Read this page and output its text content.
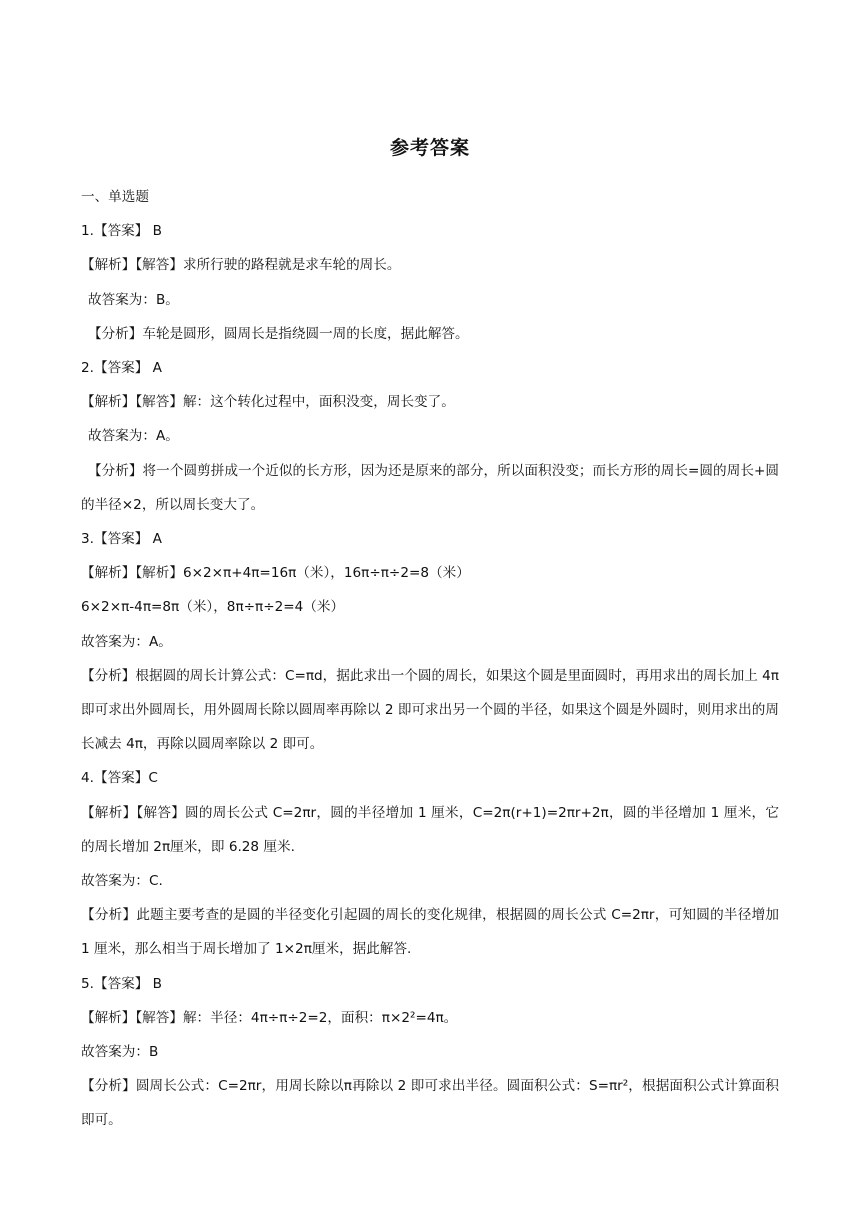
参考答案
一、单选题
1.【答案】 B
【解析】【解答】求所行驶的路程就是求车轮的周长。
故答案为：B。
【分析】车轮是圆形，圆周长是指绕圆一周的长度，据此解答。
2.【答案】 A
【解析】【解答】解：这个转化过程中，面积没变，周长变了。
故答案为：A。
【分析】将一个圆剪拼成一个近似的长方形，因为还是原来的部分，所以面积没变；而长方形的周长=圆的周长+圆的半径×2，所以周长变大了。
3.【答案】 A
【解析】【解析】6×2×π+4π=16π（米），16π÷π÷2=8（米）
6×2×π-4π=8π（米），8π÷π÷2=4（米）
故答案为：A。
【分析】根据圆的周长计算公式：C=πd，据此求出一个圆的周长，如果这个圆是里面圆时，再用求出的周长加上 4π即可求出外圆周长，用外圆周长除以圆周率再除以 2 即可求出另一个圆的半径，如果这个圆是外圆时，则用求出的周长减去 4π，再除以圆周率除以 2 即可。
4.【答案】C
【解析】【解答】圆的周长公式 C=2πr，圆的半径增加 1 厘米，C=2π(r+1)=2πr+2π，圆的半径增加 1 厘米，它的周长增加 2π厘米，即 6.28 厘米.
故答案为：C.
【分析】此题主要考查的是圆的半径变化引起圆的周长的变化规律，根据圆的周长公式 C=2πr，可知圆的半径增加 1 厘米，那么相当于周长增加了 1×2π厘米，据此解答.
5.【答案】 B
【解析】【解答】解：半径：4π÷π÷2=2，面积：π×2²=4π。
故答案为：B
【分析】圆周长公式：C=2πr，用周长除以π再除以 2 即可求出半径。圆面积公式：S=πr²，根据面积公式计算面积即可。
